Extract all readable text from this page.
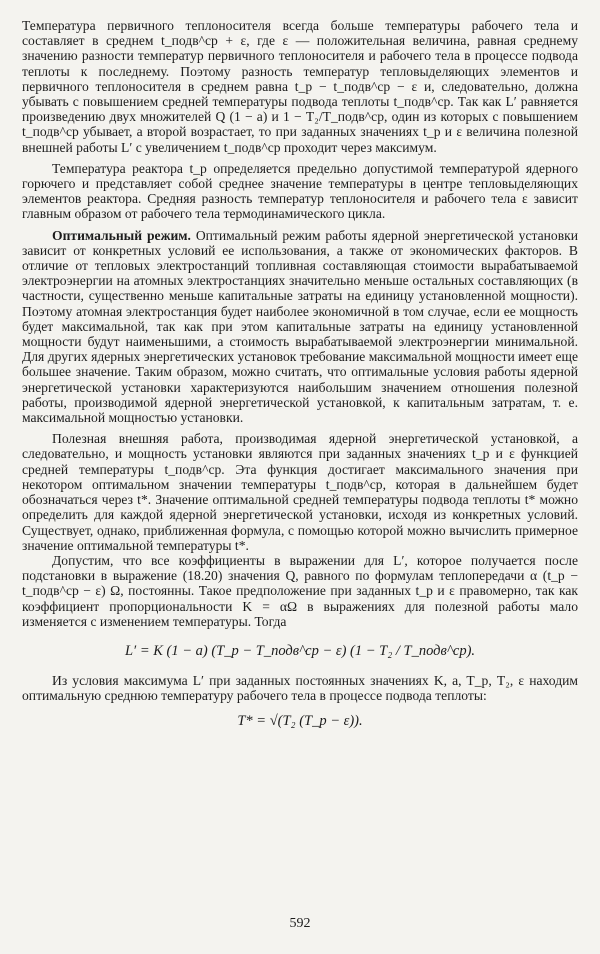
Температура первичного теплоносителя всегда больше температуры рабочего тела и составляет в среднем t_подв^ср + ε, где ε — положительная величина, равная среднему значению разности температур первичного теплоносителя и рабочего тела в процессе подвода теплоты к последнему. Поэтому разность температур тепловыделяющих элементов и первичного теплоносителя в среднем равна t_р − t_подв^ср − ε и, следовательно, должна убывать с повышением средней температуры подвода теплоты t_подв^ср. Так как L′ равняется произведению двух множителей Q (1 − a) и 1 − T₂/T_подв^ср, один из которых с повышением t_подв^ср убывает, а второй возрастает, то при заданных значениях t_р и ε величина полезной внешней работы L′ с увеличением t_подв^ср проходит через максимум.

Температура реактора t_р определяется предельно допустимой температурой ядерного горючего и представляет собой среднее значение температуры в центре тепловыделяющих элементов реактора. Средняя разность температур теплоносителя и рабочего тела ε зависит главным образом от рабочего тела термодинамического цикла.

Оптимальный режим. Оптимальный режим работы ядерной энергетической установки зависит от конкретных условий ее использования, а также от экономических факторов. В отличие от тепловых электростанций топливная составляющая стоимости вырабатываемой электроэнергии на атомных электростанциях значительно меньше остальных составляющих (в частности, существенно меньше капитальные затраты на единицу установленной мощности). Поэтому атомная электростанция будет наиболее экономичной в том случае, если ее мощность будет максимальной, так как при этом капитальные затраты на единицу установленной мощности будут наименьшими, а стоимость вырабатываемой электроэнергии минимальной. Для других ядерных энергетических установок требование максимальной мощности имеет еще большее значение. Таким образом, можно считать, что оптимальные условия работы ядерной энергетической установки характеризуются наибольшим значением отношения полезной работы, производимой ядерной энергетической установкой, к капитальным затратам, т. е. максимальной мощностью установки.

Полезная внешняя работа, производимая ядерной энергетической установкой, а следовательно, и мощность установки являются при заданных значениях t_р и ε функцией средней температуры t_подв^ср. Эта функция достигает максимального значения при некотором оптимальном значении температуры t_подв^ср, которая в дальнейшем будет обозначаться через t*. Значение оптимальной средней температуры подвода теплоты t* можно определить для каждой ядерной энергетической установки, исходя из конкретных условий. Существует, однако, приближенная формула, с помощью которой можно вычислить примерное значение оптимальной температуры t*.

Допустим, что все коэффициенты в выражении для L′, которое получается после подстановки в выражение (18.20) значения Q, равного по формулам теплопередачи α (t_р − t_подв^ср − ε) Ω, постоянны. Такое предположение при заданных t_р и ε правомерно, так как коэффициент пропорциональности K = αΩ в выражениях для полезной работы мало изменяется с изменением температуры. Тогда

L′ = K (1 − a) (T_р − T_подв^ср − ε) (1 − T₂ / T_подв^ср).

Из условия максимума L′ при заданных постоянных значениях K, a, T_р, T₂, ε находим оптимальную среднюю температуру рабочего тела в процессе подвода теплоты:

T* = √(T₂ (T_р − ε)).
592
